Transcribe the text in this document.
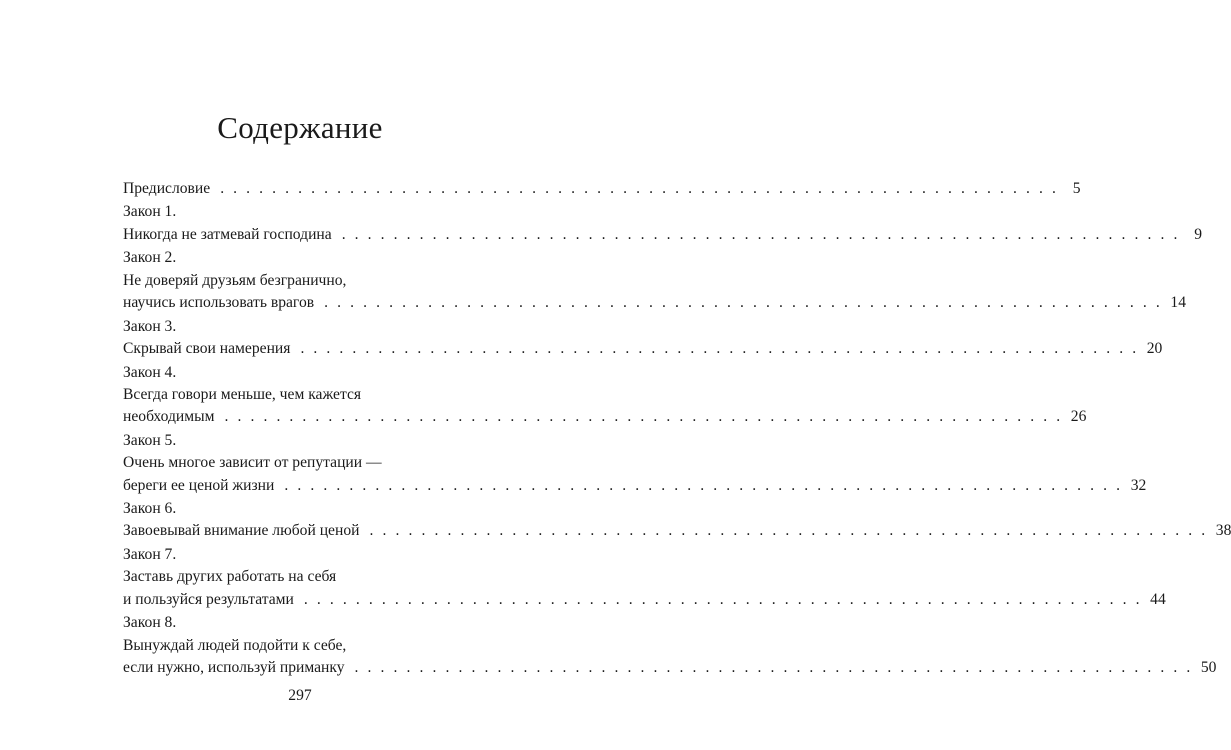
Содержание
Предисловие . . . . . . . . . . . . . . . . . . . . . . . . . . . . . . . . . . . . . . . . . . . . . . . . . . . . . . . . . . . . . . . . . 5
Закон 1.
Никогда не затмевай господина . . . . . . . . . . . . . . . . . . . . . . . . . . . . . . . . . . . . . . . . . . . . . . . . . . . . . . . . . . . . . . . . . 9
Закон 2.
Не доверяй друзьям безгранично,
научись использовать врагов . . . . . . . . . . . . . . . . . . . . . . . . . . . . . . . . . . . . . . . . . . . . . . . . . . . . . . . . . . . . . . . . . 14
Закон 3.
Скрывай свои намерения . . . . . . . . . . . . . . . . . . . . . . . . . . . . . . . . . . . . . . . . . . . . . . . . . . . . . . . . . . . . . . . . . 20
Закон 4.
Всегда говори меньше, чем кажется
необходимым . . . . . . . . . . . . . . . . . . . . . . . . . . . . . . . . . . . . . . . . . . . . . . . . . . . . . . . . . . . . . . . . . 26
Закон 5.
Очень многое зависит от репутации —
береги ее ценой жизни . . . . . . . . . . . . . . . . . . . . . . . . . . . . . . . . . . . . . . . . . . . . . . . . . . . . . . . . . . . . . . . . . 32
Закон 6.
Завоевывай внимание любой ценой . . . . . . . . . . . . . . . . . . . . . . . . . . . . . . . . . . . . . . . . . . . . . . . . . . . . . . . . . . . . . . . . . 38
Закон 7.
Заставь других работать на себя
и пользуйся результатами . . . . . . . . . . . . . . . . . . . . . . . . . . . . . . . . . . . . . . . . . . . . . . . . . . . . . . . . . . . . . . . . . 44
Закон 8.
Вынуждай людей подойти к себе,
если нужно, используй приманку . . . . . . . . . . . . . . . . . . . . . . . . . . . . . . . . . . . . . . . . . . . . . . . . . . . . . . . . . . . . . . . . . 50
297
